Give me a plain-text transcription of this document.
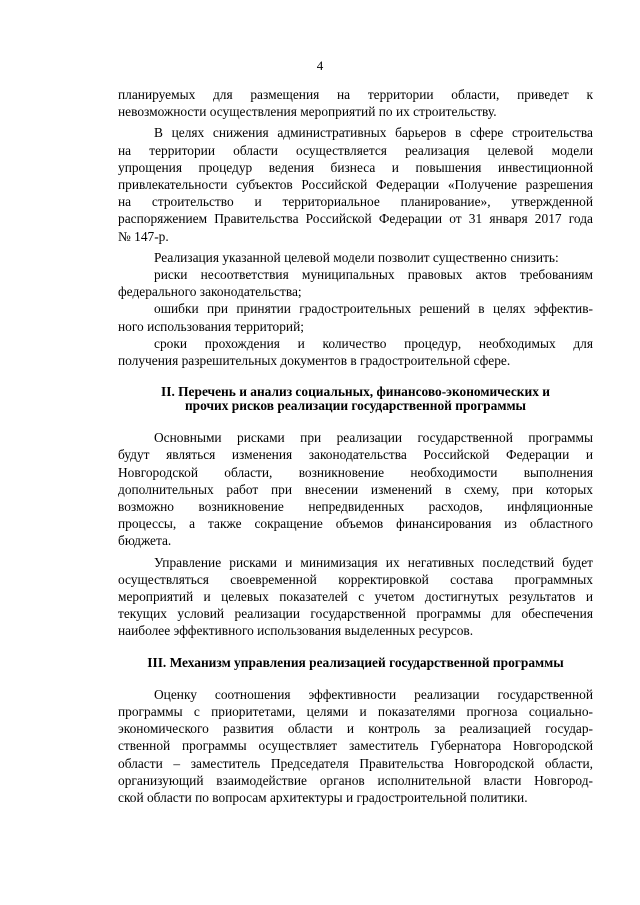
4
планируемых для размещения на территории области, приведет к
невозможности осуществления мероприятий по их строительству.
В целях снижения административных барьеров в сфере строительства
на территории области осуществляется реализация целевой модели
упрощения процедур ведения бизнеса и повышения инвестиционной
привлекательности субъектов Российской Федерации «Получение разрешения
на строительство и территориальное планирование», утвержденной
распоряжением Правительства Российской Федерации от 31 января 2017 года
№ 147-р.
Реализация указанной целевой модели позволит существенно снизить:
риски несоответствия муниципальных правовых актов требованиям
федерального законодательства;
ошибки при принятии градостроительных решений в целях эффектив-
ного использования территорий;
сроки прохождения и количество процедур, необходимых для
получения разрешительных документов в градостроительной сфере.
II. Перечень и анализ социальных, финансово-экономических и
прочих рисков реализации государственной программы
Основными рисками при реализации государственной программы
будут являться изменения законодательства Российской Федерации и
Новгородской области, возникновение необходимости выполнения
дополнительных работ при внесении изменений в схему, при которых
возможно возникновение непредвиденных расходов, инфляционные
процессы, а также сокращение объемов финансирования из областного
бюджета.
Управление рисками и минимизация их негативных последствий будет
осуществляться своевременной корректировкой состава программных
мероприятий и целевых показателей с учетом достигнутых результатов и
текущих условий реализации государственной программы для обеспечения
наиболее эффективного использования выделенных ресурсов.
III. Механизм управления реализацией государственной программы
Оценку соотношения эффективности реализации государственной
программы с приоритетами, целями и показателями прогноза социально-
экономического развития области и контроль за реализацией государ-
ственной программы осуществляет заместитель Губернатора Новгородской
области – заместитель Председателя Правительства Новгородской области,
организующий взаимодействие органов исполнительной власти Новгород-
ской области по вопросам архитектуры и градостроительной политики.
